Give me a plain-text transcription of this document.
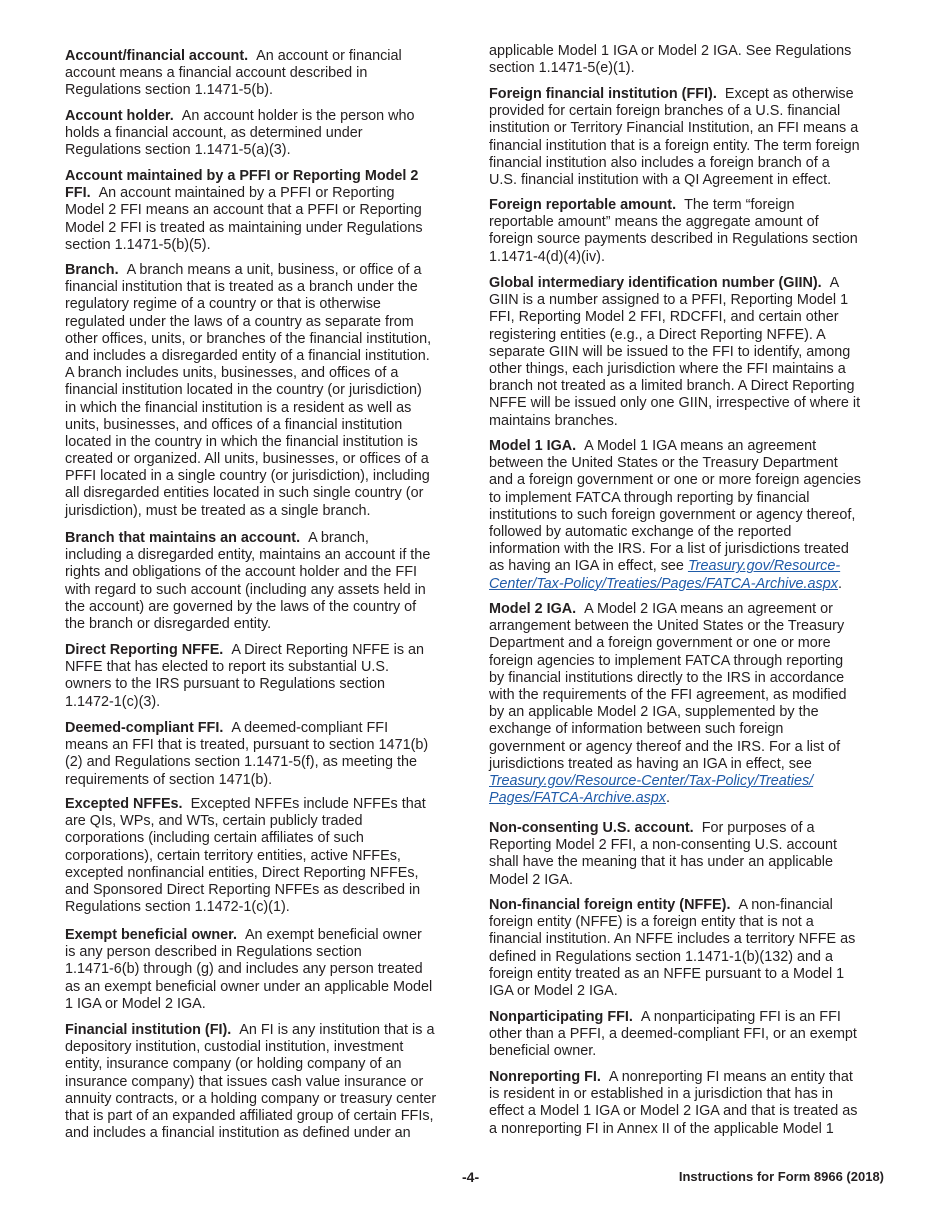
Account/financial account. An account or financial
account means a financial account described in
Regulations section 1.1471-5(b).
Account holder. An account holder is the person who
holds a financial account, as determined under
Regulations section 1.1471-5(a)(3).
Account maintained by a PFFI or Reporting Model 2
FFI. An account maintained by a PFFI or Reporting
Model 2 FFI means an account that a PFFI or Reporting
Model 2 FFI is treated as maintaining under Regulations
section 1.1471-5(b)(5).
Branch. A branch means a unit, business, or office of a
financial institution that is treated as a branch under the
regulatory regime of a country or that is otherwise
regulated under the laws of a country as separate from
other offices, units, or branches of the financial institution,
and includes a disregarded entity of a financial institution.
A branch includes units, businesses, and offices of a
financial institution located in the country (or jurisdiction)
in which the financial institution is a resident as well as
units, businesses, and offices of a financial institution
located in the country in which the financial institution is
created or organized. All units, businesses, or offices of a
PFFI located in a single country (or jurisdiction), including
all disregarded entities located in such single country (or
jurisdiction), must be treated as a single branch.
Branch that maintains an account. A branch,
including a disregarded entity, maintains an account if the
rights and obligations of the account holder and the FFI
with regard to such account (including any assets held in
the account) are governed by the laws of the country of
the branch or disregarded entity.
Direct Reporting NFFE. A Direct Reporting NFFE is an
NFFE that has elected to report its substantial U.S.
owners to the IRS pursuant to Regulations section
1.1472-1(c)(3).
Deemed-compliant FFI. A deemed-compliant FFI
means an FFI that is treated, pursuant to section 1471(b)
(2) and Regulations section 1.1471-5(f), as meeting the
requirements of section 1471(b).
Excepted NFFEs. Excepted NFFEs include NFFEs that
are QIs, WPs, and WTs, certain publicly traded
corporations (including certain affiliates of such
corporations), certain territory entities, active NFFEs,
excepted nonfinancial entities, Direct Reporting NFFEs,
and Sponsored Direct Reporting NFFEs as described in
Regulations section 1.1472-1(c)(1).
Exempt beneficial owner. An exempt beneficial owner
is any person described in Regulations section
1.1471-6(b) through (g) and includes any person treated
as an exempt beneficial owner under an applicable Model
1 IGA or Model 2 IGA.
Financial institution (FI). An FI is any institution that is a
depository institution, custodial institution, investment
entity, insurance company (or holding company of an
insurance company) that issues cash value insurance or
annuity contracts, or a holding company or treasury center
that is part of an expanded affiliated group of certain FFIs,
and includes a financial institution as defined under an
applicable Model 1 IGA or Model 2 IGA. See Regulations
section 1.1471-5(e)(1).
Foreign financial institution (FFI). Except as otherwise
provided for certain foreign branches of a U.S. financial
institution or Territory Financial Institution, an FFI means a
financial institution that is a foreign entity. The term foreign
financial institution also includes a foreign branch of a
U.S. financial institution with a QI Agreement in effect.
Foreign reportable amount. The term “foreign
reportable amount” means the aggregate amount of
foreign source payments described in Regulations section
1.1471-4(d)(4)(iv).
Global intermediary identification number (GIIN). A
GIIN is a number assigned to a PFFI, Reporting Model 1
FFI, Reporting Model 2 FFI, RDCFFI, and certain other
registering entities (e.g., a Direct Reporting NFFE). A
separate GIIN will be issued to the FFI to identify, among
other things, each jurisdiction where the FFI maintains a
branch not treated as a limited branch. A Direct Reporting
NFFE will be issued only one GIIN, irrespective of where it
maintains branches.
Model 1 IGA. A Model 1 IGA means an agreement
between the United States or the Treasury Department
and a foreign government or one or more foreign agencies
to implement FATCA through reporting by financial
institutions to such foreign government or agency thereof,
followed by automatic exchange of the reported
information with the IRS. For a list of jurisdictions treated
as having an IGA in effect, see Treasury.gov/Resource-
Center/Tax-Policy/Treaties/Pages/FATCA-Archive.aspx.
Model 2 IGA. A Model 2 IGA means an agreement or
arrangement between the United States or the Treasury
Department and a foreign government or one or more
foreign agencies to implement FATCA through reporting
by financial institutions directly to the IRS in accordance
with the requirements of the FFI agreement, as modified
by an applicable Model 2 IGA, supplemented by the
exchange of information between such foreign
government or agency thereof and the IRS. For a list of
jurisdictions treated as having an IGA in effect, see
Treasury.gov/Resource-Center/Tax-Policy/Treaties/
Pages/FATCA-Archive.aspx.
Non-consenting U.S. account. For purposes of a
Reporting Model 2 FFI, a non-consenting U.S. account
shall have the meaning that it has under an applicable
Model 2 IGA.
Non-financial foreign entity (NFFE). A non-financial
foreign entity (NFFE) is a foreign entity that is not a
financial institution. An NFFE includes a territory NFFE as
defined in Regulations section 1.1471-1(b)(132) and a
foreign entity treated as an NFFE pursuant to a Model 1
IGA or Model 2 IGA.
Nonparticipating FFI. A nonparticipating FFI is an FFI
other than a PFFI, a deemed-compliant FFI, or an exempt
beneficial owner.
Nonreporting FI. A nonreporting FI means an entity that
is resident in or established in a jurisdiction that has in
effect a Model 1 IGA or Model 2 IGA and that is treated as
a nonreporting FI in Annex II of the applicable Model 1
-4-	Instructions for Form 8966 (2018)
